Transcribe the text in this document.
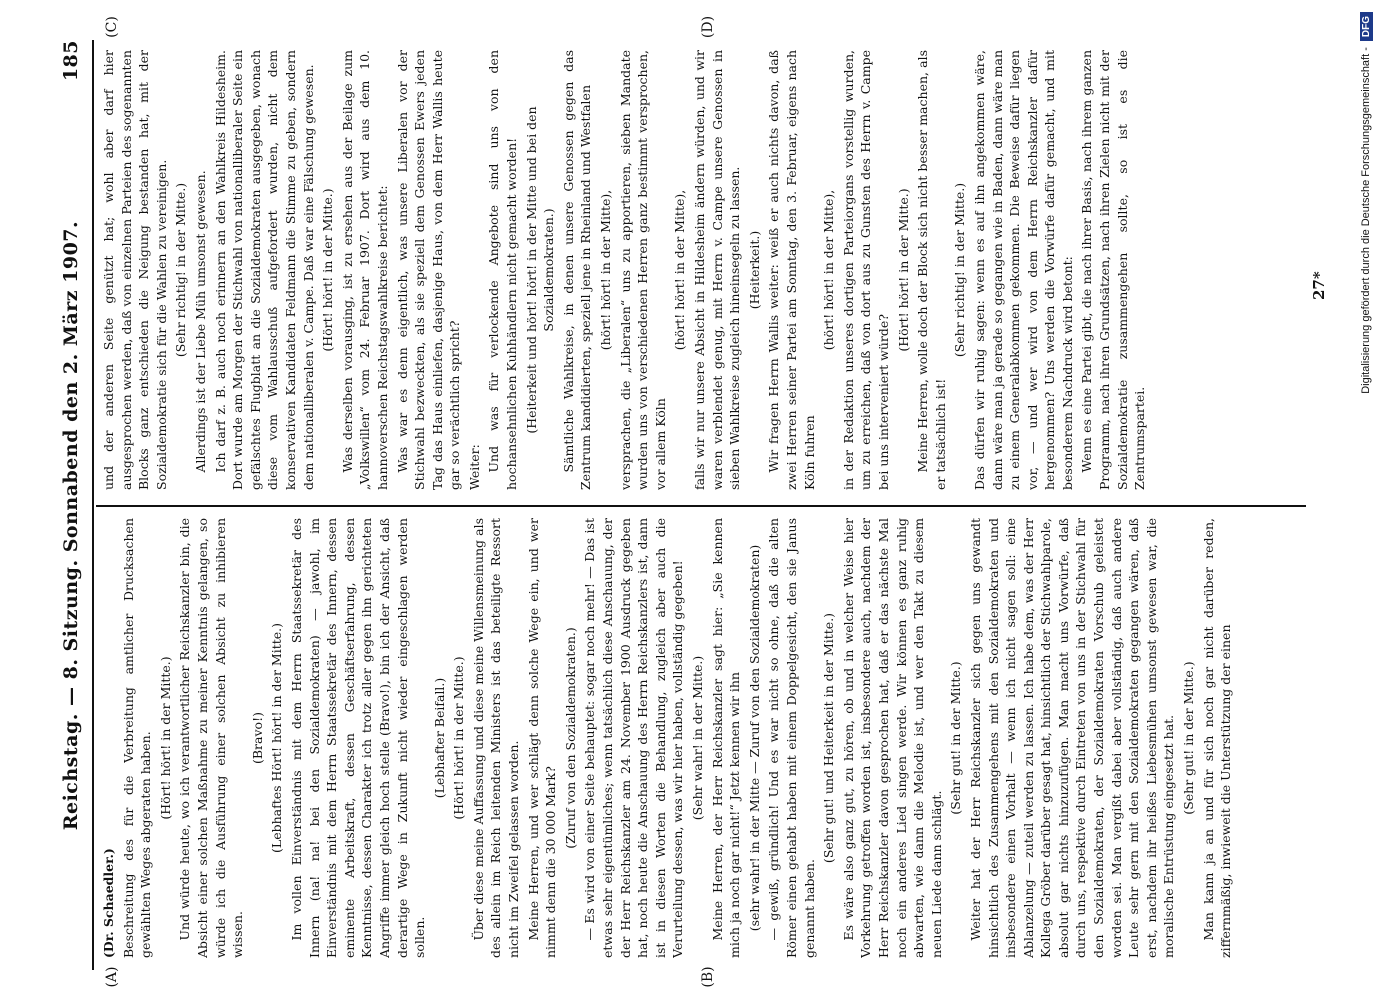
Reichstag. — 8. Sitzung. Sonnabend den 2. März 1907.
185
(A)	(B)
(C)	(D)

(Dr. Schaedler.) Beschreitung des für die Verbreitung amtlicher Drucksachen gewählten Weges abgeraten haben. (Hört! hört! in der Mitte.) Und würde heute, wo ich verantwortlicher Reichskanzler bin, die Absicht einer solchen Maßnahme zu meiner Kenntnis gelangen, so würde ich die Ausführung einer solchen Absicht zu inhibieren wissen.

(Bravo!) (Lebhaftes Hört! hört! in der Mitte.) Im vollen Einverständnis mit dem Herrn Staatssekretär des Innern (na! na! bei den Sozialdemokraten) — jawohl, im Einverständnis mit dem Herrn Staatssekretär des Innern, dessen eminente Arbeitskraft, dessen Geschäftserfahrung, dessen Kenntnisse, dessen Charakter ich trotz aller gegen ihn gerichteten Angriffe immer gleich hoch stelle (Bravo!), bin ich der Ansicht, daß derartige Wege in Zukunft nicht wieder eingeschlagen werden sollen.

(Lebhafter Beifall.) (Hört! hört! in der Mitte.) Über diese meine Auffassung und diese meine Willensmeinung als des allein im Reich leitenden Ministers ist das beteiligte Ressort nicht im Zweifel gelassen worden. Meine Herren, und wer schlägt denn solche Wege ein, und wer nimmt denn die 30 000 Mark?

(Zuruf von den Sozialdemokraten.) — Es wird von einer Seite behauptet: sogar noch mehr! — Das ist etwas sehr eigentümliches; wenn tatsächlich diese Anschauung, der der Herr Reichskanzler am 24. November 1900 Ausdruck gegeben hat, noch heute die Anschauung des Herrn Reichskanzlers ist, dann ist in diesen Worten die Behandlung, zugleich aber auch die Verurteilung dessen, was wir hier haben, vollständig gegeben! (Sehr wahr! in der Mitte.) Meine Herren, der Herr Reichskanzler sagt hier: „Sie kennen mich ja noch gar nicht!“ Jetzt kennen wir ihn (sehr wahr! in der Mitte — Zuruf von den Sozialdemokraten) — gewiß, gründlich! Und es war nicht so ohne, daß die alten Römer einen gehabt haben mit einem Doppelgesicht, den sie Janus genannt haben.

(Sehr gut! und Heiterkeit in der Mitte.) Es wäre also ganz gut, zu hören, ob und in welcher Weise hier Vorkehrung getroffen worden ist, insbesondere auch, nachdem der Herr Reichskanzler davon gesprochen hat, daß er das nächste Mal noch ein anderes Lied singen werde. Wir können es ganz ruhig abwarten, wie dann die Melodie ist, und wer den Takt zu diesem neuen Liede dann schlägt.

(Sehr gut! in der Mitte.) Weiter hat der Herr Reichskanzler sich gegen uns gewandt hinsichtlich des Zusammengehens mit den Sozialdemokraten und insbesondere einen Vorhalt — wenn ich nicht sagen soll: eine Ablanzelung — zuteil werden zu lassen. Ich habe dem, was der Herr Kollega Gröber darüber gesagt hat, hinsichtlich der Stichwahlparole, absolut gar nichts hinzuzufügen. Man macht uns Vorwürfe, daß durch uns, respektive durch Eintreten von uns in der Stichwahl für den Sozialdemokraten, der Sozialdemokraten Vorschub geleistet worden sei. Man vergißt dabei aber vollständig, daß auch andere Leute sehr gern mit den Sozialdemokraten gegangen wären, daß erst, nachdem ihr heißes Liebesmühen umsonst gewesen war, die moralische Entrüstung eingesetzt hat. (Sehr gut! in der Mitte.) Man kann ja an und für sich noch gar nicht darüber reden, ziffernmäßig, inwieweit die Unterstützung der einen

und der anderen Seite genützt hat; wohl aber darf hier ausgesprochen werden, daß von einzelnen Parteien des sogenannten Blocks ganz entschieden die Neigung bestanden hat, mit der Sozialdemokratie sich für die Wahlen zu vereinigen. (Sehr richtig! in der Mitte.) Allerdings ist der Liebe Müh umsonst gewesen. Ich darf z. B. auch noch erinnern an den Wahlkreis Hildesheim. Dort wurde am Morgen der Stichwahl von nationalliberaler Seite ein gefälschtes Flugblatt an die Sozialdemokraten ausgegeben, wonach diese vom Wahlausschuß aufgefordert wurden, nicht dem konservativen Kandidaten Feldmann die Stimme zu geben, sondern dem nationalliberalen v. Campe. Daß war eine Fälschung gewesen. (Hört! hört! in der Mitte.) Was derselben vorausging, ist zu ersehen aus der Beilage zum „Volkswillen“ vom 24. Februar 1907. Dort wird aus dem 10. hannoverschen Reichstagswahlkreise berichtet: Was war es denn eigentlich, was unsere Liberalen vor der Stichwahl bezweckten, als sie speziell dem Genossen Ewers jeden Tag das Haus einliefen, dasjenige Haus, von dem Herr Wallis heute gar so verächtlich spricht? Weiter: Und was für verlockende Angebote sind uns von den hochansehnlichen Kuhhändlern nicht gemacht worden! (Heiterkeit und hört! hört! in der Mitte und bei den Sozialdemokraten.) Sämtliche Wahlkreise, in denen unsere Genossen gegen das Zentrum kandidierten, speziell jene in Rheinland und Westfalen (hört! hört! in der Mitte), versprachen, die „Liberalen“ uns zu apportieren, sieben Mandate wurden uns von verschiedenen Herren ganz bestimmt versprochen, vor allem Köln

(hört! hört! in der Mitte), falls wir nur unsere Absicht in Hildesheim ändern würden, und wir waren verblendet genug, mit Herrn v. Campe unsere Genossen in sieben Wahlkreise zugleich hineinsegeln zu lassen. (Heiterkeit.) Wir fragen Herrn Wallis weiter: weiß er auch nichts davon, daß zwei Herren seiner Partei am Sonntag, den 3. Februar, eigens nach Köln fuhren

(hört! hört! in der Mitte), in der Redaktion unseres dortigen Parteiorgans vorstellig wurden, um zu erreichen, daß von dort aus zu Gunsten des Herrn v. Campe bei uns interveniert würde?

(Hört! hört! in der Mitte.) Meine Herren, wolle doch der Block sich nicht besser machen, als er tatsächlich ist!

(Sehr richtig! in der Mitte.) Das dürfen wir ruhig sagen: wenn es auf ihn angekommen wäre, dann wäre man ja gerade so gegangen wie in Baden, dann wäre man zu einem Generalabkommen gekommen. Die Beweise dafür liegen vor, — und wer wird von dem Herrn Reichskanzler dafür hergenommen? Uns werden die Vorwürfe dafür gemacht, und mit besonderem Nachdruck wird betont: Wenn es eine Partei gibt, die nach ihrer Basis, nach ihrem ganzen Programm, nach ihren Grundsätzen, nach ihren Zielen nicht mit der Sozialdemokratie zusammengehen sollte, so ist es die Zentrumspartei.

27*	Digitalisierung gefördert durch die Deutsche Forschungsgemeinschaft -
DFG
